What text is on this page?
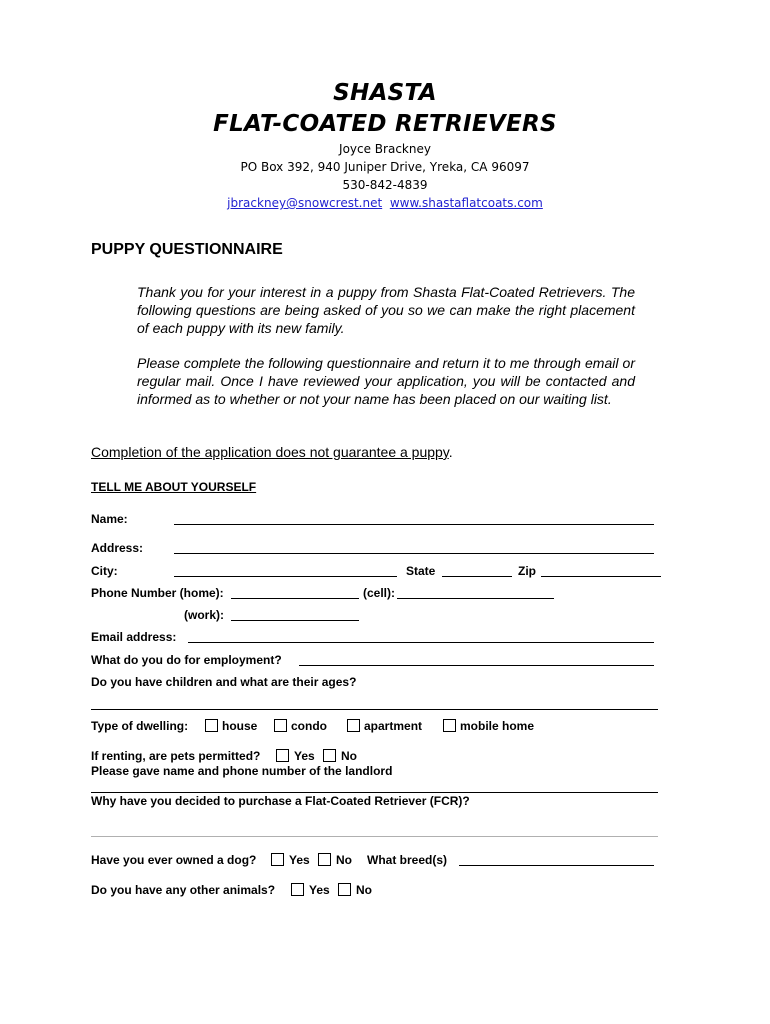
SHASTA
FLAT-COATED RETRIEVERS
Joyce Brackney
PO Box 392, 940 Juniper Drive, Yreka, CA 96097
530-842-4839
jbrackney@snowcrest.net www.shastaflatcoats.com
PUPPY QUESTIONNAIRE
Thank you for your interest in a puppy from Shasta Flat-Coated Retrievers. The following questions are being asked of you so we can make the right placement of each puppy with its new family.
Please complete the following questionnaire and return it to me through email or regular mail. Once I have reviewed your application, you will be contacted and informed as to whether or not your name has been placed on our waiting list.
Completion of the application does not guarantee a puppy.
TELL ME ABOUT YOURSELF
Name:
Address:
City:	State	Zip
Phone Number (home):	(cell):
(work):
Email address:
What do you do for employment?
Do you have children and what are their ages?
Type of dwelling:	house	condo	apartment	mobile home
If renting, are pets permitted?	Yes No
Please gave name and phone number of the landlord
Why have you decided to purchase a Flat-Coated Retriever (FCR)?
Have you ever owned a dog?	Yes No What breed(s)
Do you have any other animals?	Yes No
